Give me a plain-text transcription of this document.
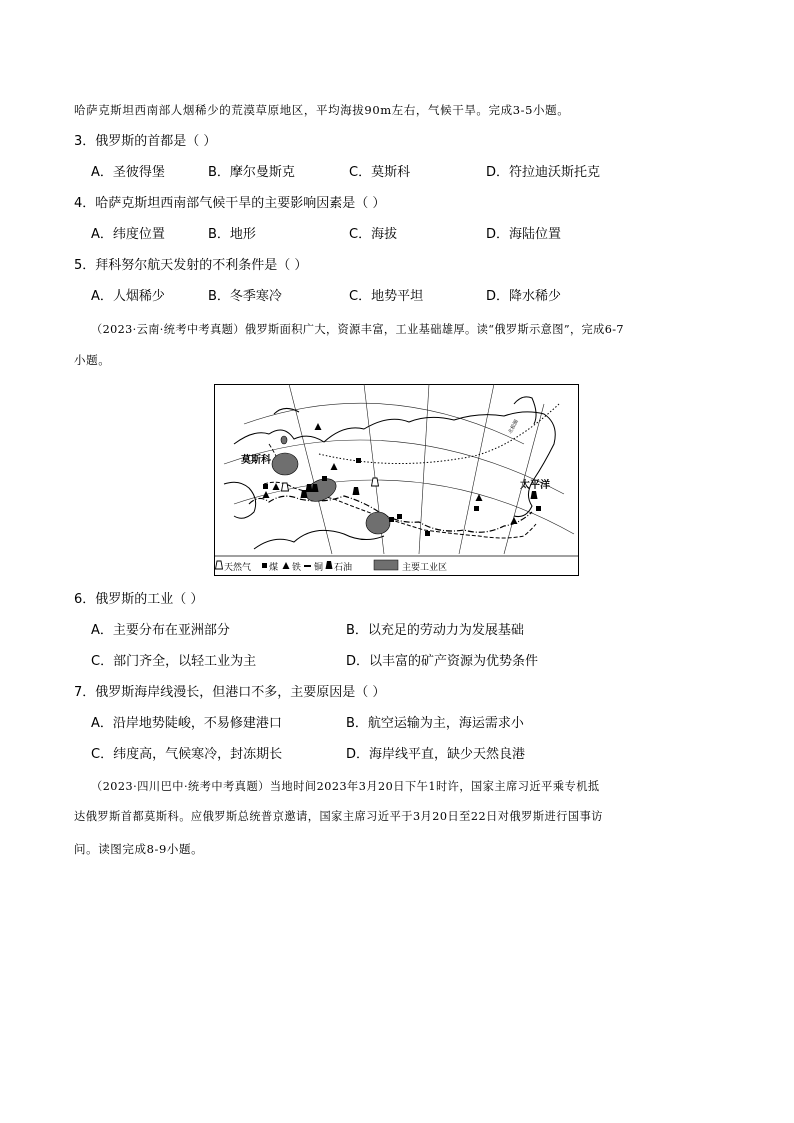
哈萨克斯坦西南部人烟稀少的荒漠草原地区，平均海拔90m左右，气候干旱。完成3-5小题。
3．俄罗斯的首都是（ ）
A．圣彼得堡	B．摩尔曼斯克	C．莫斯科	D．符拉迪沃斯托克
4．哈萨克斯坦西南部气候干旱的主要影响因素是（ ）
A．纬度位置	B．地形	C．海拔	D．海陆位置
5．拜科努尔航天发射的不利条件是（ ）
A．人烟稀少	B．冬季寒冷	C．地势平坦	D．降水稀少
（2023·云南·统考中考真题）俄罗斯面积广大，资源丰富，工业基础雄厚。读“俄罗斯示意图”，完成6-7
小题。
莫斯科
太平洋
北极圈
天然气 煤 铁 铜 石油	主要工业区
6．俄罗斯的工业（ ）
A．主要分布在亚洲部分	B．以充足的劳动力为发展基础
C．部门齐全，以轻工业为主	D．以丰富的矿产资源为优势条件
7．俄罗斯海岸线漫长，但港口不多，主要原因是（ ）
A．沿岸地势陡峻，不易修建港口	B．航空运输为主，海运需求小
C．纬度高，气候寒冷，封冻期长	D．海岸线平直，缺少天然良港
（2023·四川巴中·统考中考真题）当地时间2023年3月20日下午1时许，国家主席习近平乘专机抵
达俄罗斯首都莫斯科。应俄罗斯总统普京邀请，国家主席习近平于3月20日至22日对俄罗斯进行国事访
问。读图完成8-9小题。
